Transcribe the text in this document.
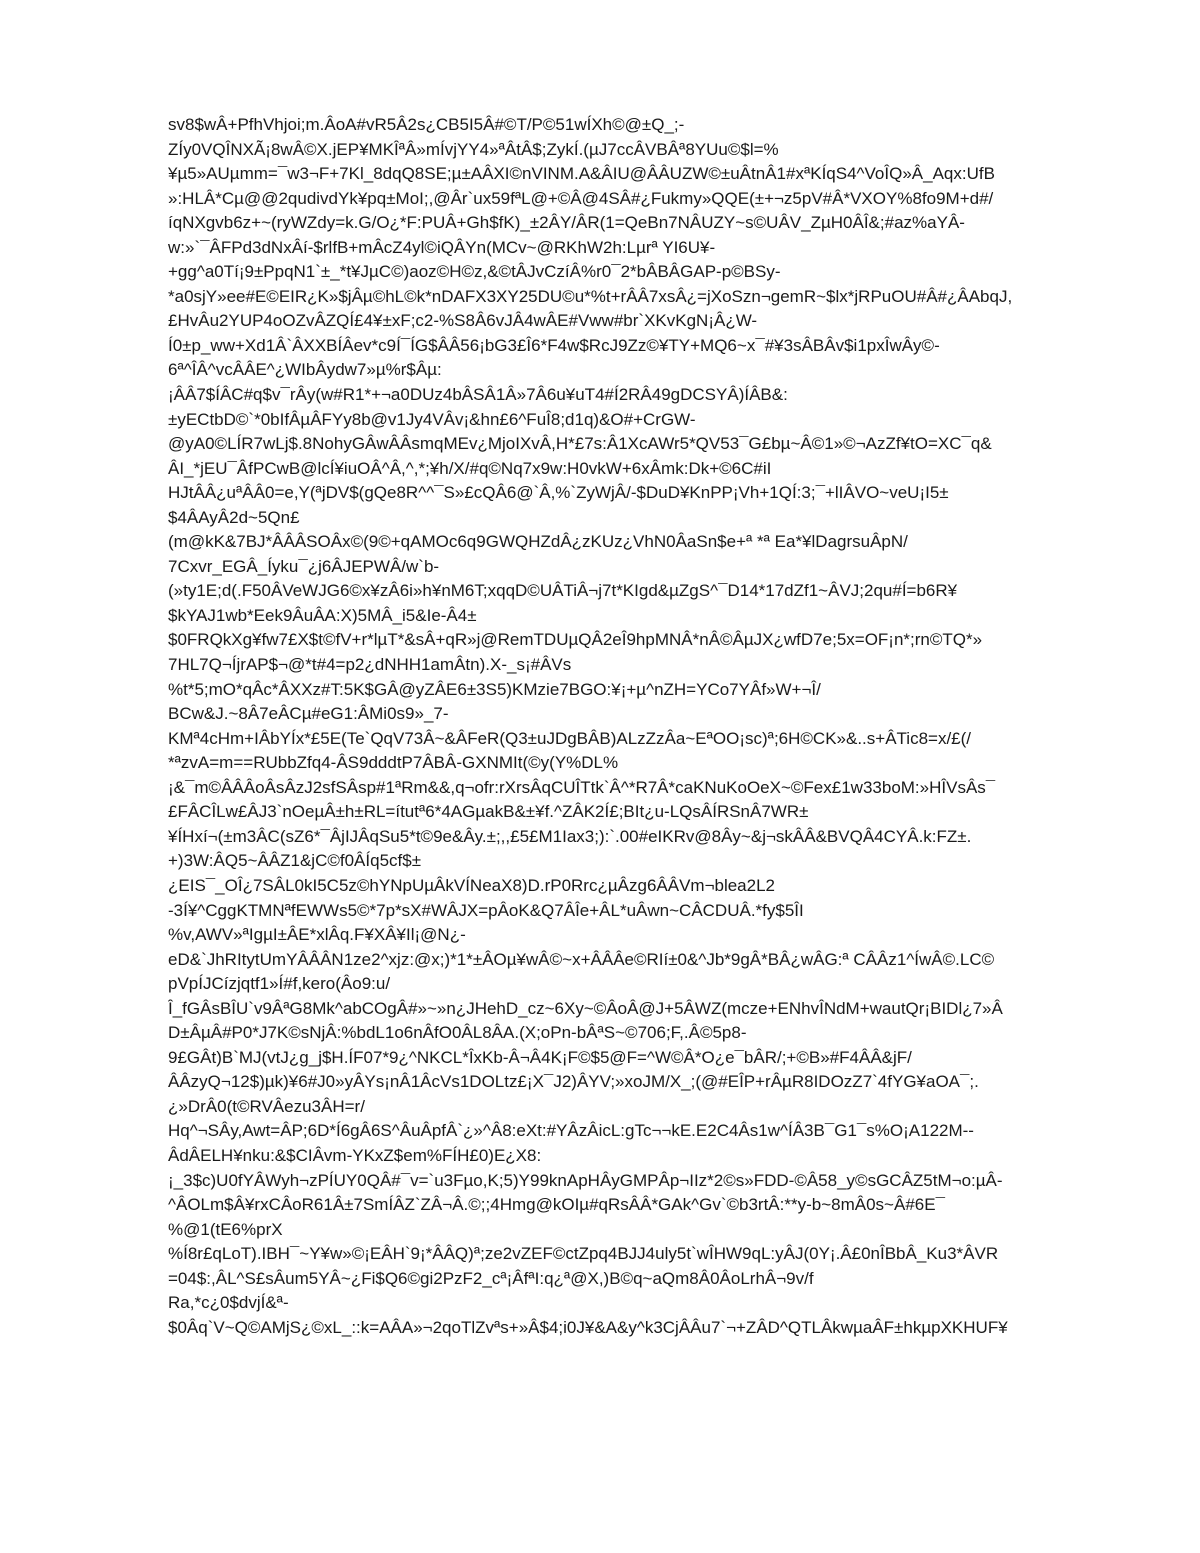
sv8$wÂ+PfhVhjoi;m.ÂoA#vR5Â2s¿CB5I5Â#©T/P©51wÍXh©@±Q_;-
ZÍy0VQÎNXÃ¡8wÂ©X.jEP¥MKÎªÂ»mÍvjYY4»ªÂtÂ$;ZykÍ.(µJ7ccÂVBÂª8YUu©$l=%
¥µ5»AUµmm=¯w3¬F+7Kl_8dqQ8SE;µ±AÂXI©nVINM.A&ÂIU@ÂÂUZW©±uÂtnÂ1#xªKÍqS4^VoÎQ»Â_Aqx:UfB
»:HLÂ*Cµ@@2qudivdYk¥pq±MoI;,@Âr`ux59fªL@+©Â@4SÂ#¿Fukmy»QQE(±+¬z5pV#Â*VXOY%8fo9M+d#/
íqNXgvb6z+~(ryWZdy=k.G/O¿*F:PUÂ+Gh$fK)_±2ÂY/ÂR(1=QeBn7NÂUZY~s©UÂV_ZµH0ÂÎ&;#az%aYÂ-
w:»`¯ÂFPd3dNxÂí-$rlfB+mÂcZ4yl©iQÂYn(MCv~@RKhW2h:Lµrª YI6U¥-
+gg^a0Tí¡9±PpqN1`±_*t¥JµC©)aoz©H©z,&©tÂJvCzíÂ%r0¯2*bÂBÂGAP-p©BSy-
*a0sjY»ee#E©EIR¿K»$jÂµ©hL©k*nDAFX3XY25DU©u*%t+rÂÂ7xsÂ¿=jXoSzn¬gemR~$lx*jRPuOU#Â#¿ÂAbqJ,
£HvÂu2YUP4oOZvÂZQÍ£4¥±xF;c2-%S8Â6vJÂ4wÂE#Vww#br`XKvKgN¡Â¿W-
Í0±p_ww+Xd1Â`ÂXXBÍÂev*c9Í¯ÍG$ÂÂ56¡bG3£Î6*F4w$RcJ9Zz©¥TY+MQ6~x¯#¥3sÂBÂv$i1pxÎwÂy©-
6ª^ÎÂ^vcÂÂE^¿WIbÂydw7»µ%r$Âµ:
¡ÂÂ7$ÍÂC#q$v¯rÂy(w#R1*+¬a0DUz4bÂSÂ1Â»7Â6u¥uT4#Í2RÂ49gDCSYÂ)ÍÂB&:
±yECtbD©`*0bIfÂµÂFYy8b@v1Jy4VÂv¡&hn£6^FuÎ8;d1q)&O#+CrGW-
@yA0©LÍR7wLj$.8NohyGÂwÂÂsmqMEv¿MjoIXvÂ,H*£7s:Â1XcAWr5*QV53¯G£bµ~Â©1»©¬AzZf¥tO=XC¯q&
ÂI_*jEU¯ÂfPCwB@lcÍ¥iuOÂ^Â,^,*;¥h/X/#q©Nq7x9w:H0vkW+6xÂmk:Dk+©6C#iI
HJtÂÂ¿uªÂÂ0=e,Y(ªjDV$(gQe8R^^¯S»£cQÂ6@`Â,%`ZyWjÂ/-$DuD¥KnPP¡Vh+1QÍ:3;¯+lIÂVO~veU¡I5±
$4ÂAyÂ2d~5Qn£
(m@kK&7BJ*ÂÂÂSOÂx©(9©+qAMOc6q9GWQHZdÂ¿zKUz¿VhN0ÂaSn$e+ª *ª Ea*¥lDagrsuÂpN/
7Cxvr_EGÂ_Íyku¯¿j6ÂJEPWÂ/w`b-
(»ty1E;d(.F50ÂVeWJG6©x¥zÂ6i»h¥nM6T;xqqD©UÂTiÂ¬j7t*KIgd&µZgS^¯D14*17dZf1~ÂVJ;2qu#Í=b6R¥
$kYAJ1wb*Eek9ÂuÂA:X)5MÂ_i5&Ie-Â4±
$0FRQkXg¥fw7£X$t©fV+r*lµT*&sÂ+qR»j@RemTDUµQÂ2eÎ9hpMNÂ*nÂ©ÂµJX¿wfD7e;5x=OF¡n*;rn©TQ*»
7HL7Q¬ÍjrAP$¬@*t#4=p2¿dNHH1amÂtn).X-_s¡#ÂVs
%t*5;mO*qÂc*ÂXXz#T:5K$GÂ@yZÂE6±3S5)KMzie7BGO:¥¡+µ^nZH=YCo7YÂf»W+¬Î/
BCw&J.~8Â7eÂCµ#eG1:ÂMi0s9»_7-
KMª4cHm+IÂbYÍx*£5E(Te`QqV73Â~&ÂFeR(Q3±uJDgBÂB)ALzZzÂa~EªOO¡sc)ª;6H©CK»&..s+ÂTic8=x/£(/
*ªzvA=m==RUbbZfq4-ÂS9dddtP7ÂBÂ-GXNMIt(©y(Y%DL%
¡&¯m©ÂÂÂoÂsÂzJ2sfSÂsp#1ªRm&&,q¬ofr:rXrsÂqCUÎTtk`Â^*R7Â*caKNuKoOeX~©Fex£1w33boM:»HÎVsÂs¯
£FÂCÎLw£ÂJ3`nOeµÂ±h±RL=ítutª6*4AGµakB&±¥f.^ZÂK2Í£;BIt¿u-LQsÂÍRSnÂ7WR±
¥ÍHxí¬(±m3ÂC(sZ6*¯ÂjIJÂqSu5*t©9e&Ây.±;,,£5£M1Iax3;):`.00#eIKRv@8Ây~&j¬skÂÂ&BVQÂ4CYÂ.k:FZ±.
+)3W:ÂQ5~ÂÂZ1&jC©f0ÂÍq5cf$±
¿EIS¯_OÎ¿7SÂL0kI5C5z©hYNpUµÂkVÍNeaX8)D.rP0Rrc¿µÂzg6ÂÂVm¬blea2L2
-3Í¥^CggKTMNªfEWWs5©*7p*sX#WÂJX=pÂoK&Q7ÂÎe+ÂL*uÂwn~CÂCDUÂ.*fy$5ÎI
%v,AWV»ªIgµI±ÂE*xlÂq.F¥XÂ¥Il¡@N¿-
eD&`JhRItytUmYÂÂÂN1ze2^xjz:@x;)*1*±ÂOµ¥wÂ©~x+ÂÂÂe©RIí±0&^Jb*9gÂ*BÂ¿wÂG:ª CÂÂz1^ÍwÂ©.LC©
pVpÍJCízjqtf1»Í#f,kero(Âo9:u/
Î_fGÂsBÎU`v9ÂªG8Mk^abCOgÂ#»~»n¿JHehD_cz~6Xy~©ÂoÂ@J+5ÂWZ(mcze+ENhvÎNdM+wautQr¡BIDl¿7»Â
D±ÂµÂ#P0*J7K©sNjÂ:%bdL1o6nÂfO0ÂL8ÂA.(X;oPn-bÂªS~©706;F,.Â©5p8-
9£GÂt)B`MJ(vtJ¿g_j$H.ÍF07*9¿^NKCL*ÎxKb-Â¬Â4K¡F©$5@F=^W©Â*O¿e¯bÂR/;+©B»#F4ÂÂ&jF/
ÂÂzyQ¬12$)µk)¥6#J0»yÂYs¡nÂ1ÂcVs1DOLtz£¡X¯J2)ÂYV;»xoJM/X_;(@#EÎP+rÂµR8IDOzZ7`4fYG¥aOA¯;.
¿»DrÂ0(t©RVÂezu3ÂH=r/
Hq^¬SÂy,Awt=ÂP;6D*Í6gÂ6S^ÂuÂpfÂ`¿»^Â8:eXt:#YÂzÂicL:gTc¬¬kE.E2C4Âs1w^ÍÂ3B¯G1¯s%O¡A122M--
ÂdÂELH¥nku:&$CIÂvm-YKxZ$em%FÍH£0)E¿X8:
¡_3$c)U0fYÂWyh¬zPÍUY0QÂ#¯v=`u3Fµo,K;5)Y99knApHÂyGMPÂp¬IIz*2©s»FDD-©Â58_y©sGCÂZ5tM¬o:µÂ-
^ÂOLm$Â¥rxCÂoR61Â±7SmÍÂZ`ZÂ¬Â.©;;4Hmg@kOIµ#qRsÂÂ*GAk^Gv`©b3rtÂ:**y-b~8mÂ0s~Â#6E¯
%@1(tE6%prX
%Í8r£qLoT).IBH¯~Y¥w»©¡EÂH`9¡*ÂÂQ)ª;ze2vZEF©ctZpq4BJJ4uly5t`wÎHW9qL:yÂJ(0Y¡.Â£0nÎBbÂ_Ku3*ÂVR
=04$:,ÂL^S£sÂum5YÂ~¿Fi$Q6©gi2PzF2_cª¡ÂfªI:q¿ª@X,)B©q~aQm8Â0ÂoLrhÂ¬9v/f
Ra,*c¿0$dvjÍ&ª-
$0Âq`V~Q©AMjS¿©xL_::k=AÂA»¬2qoTlZvªs+»Â$4;i0J¥&A&y^k3CjÂÂu7`¬+ZÂD^QTLÂkwµaÂF±hkµpXKHUF¥
